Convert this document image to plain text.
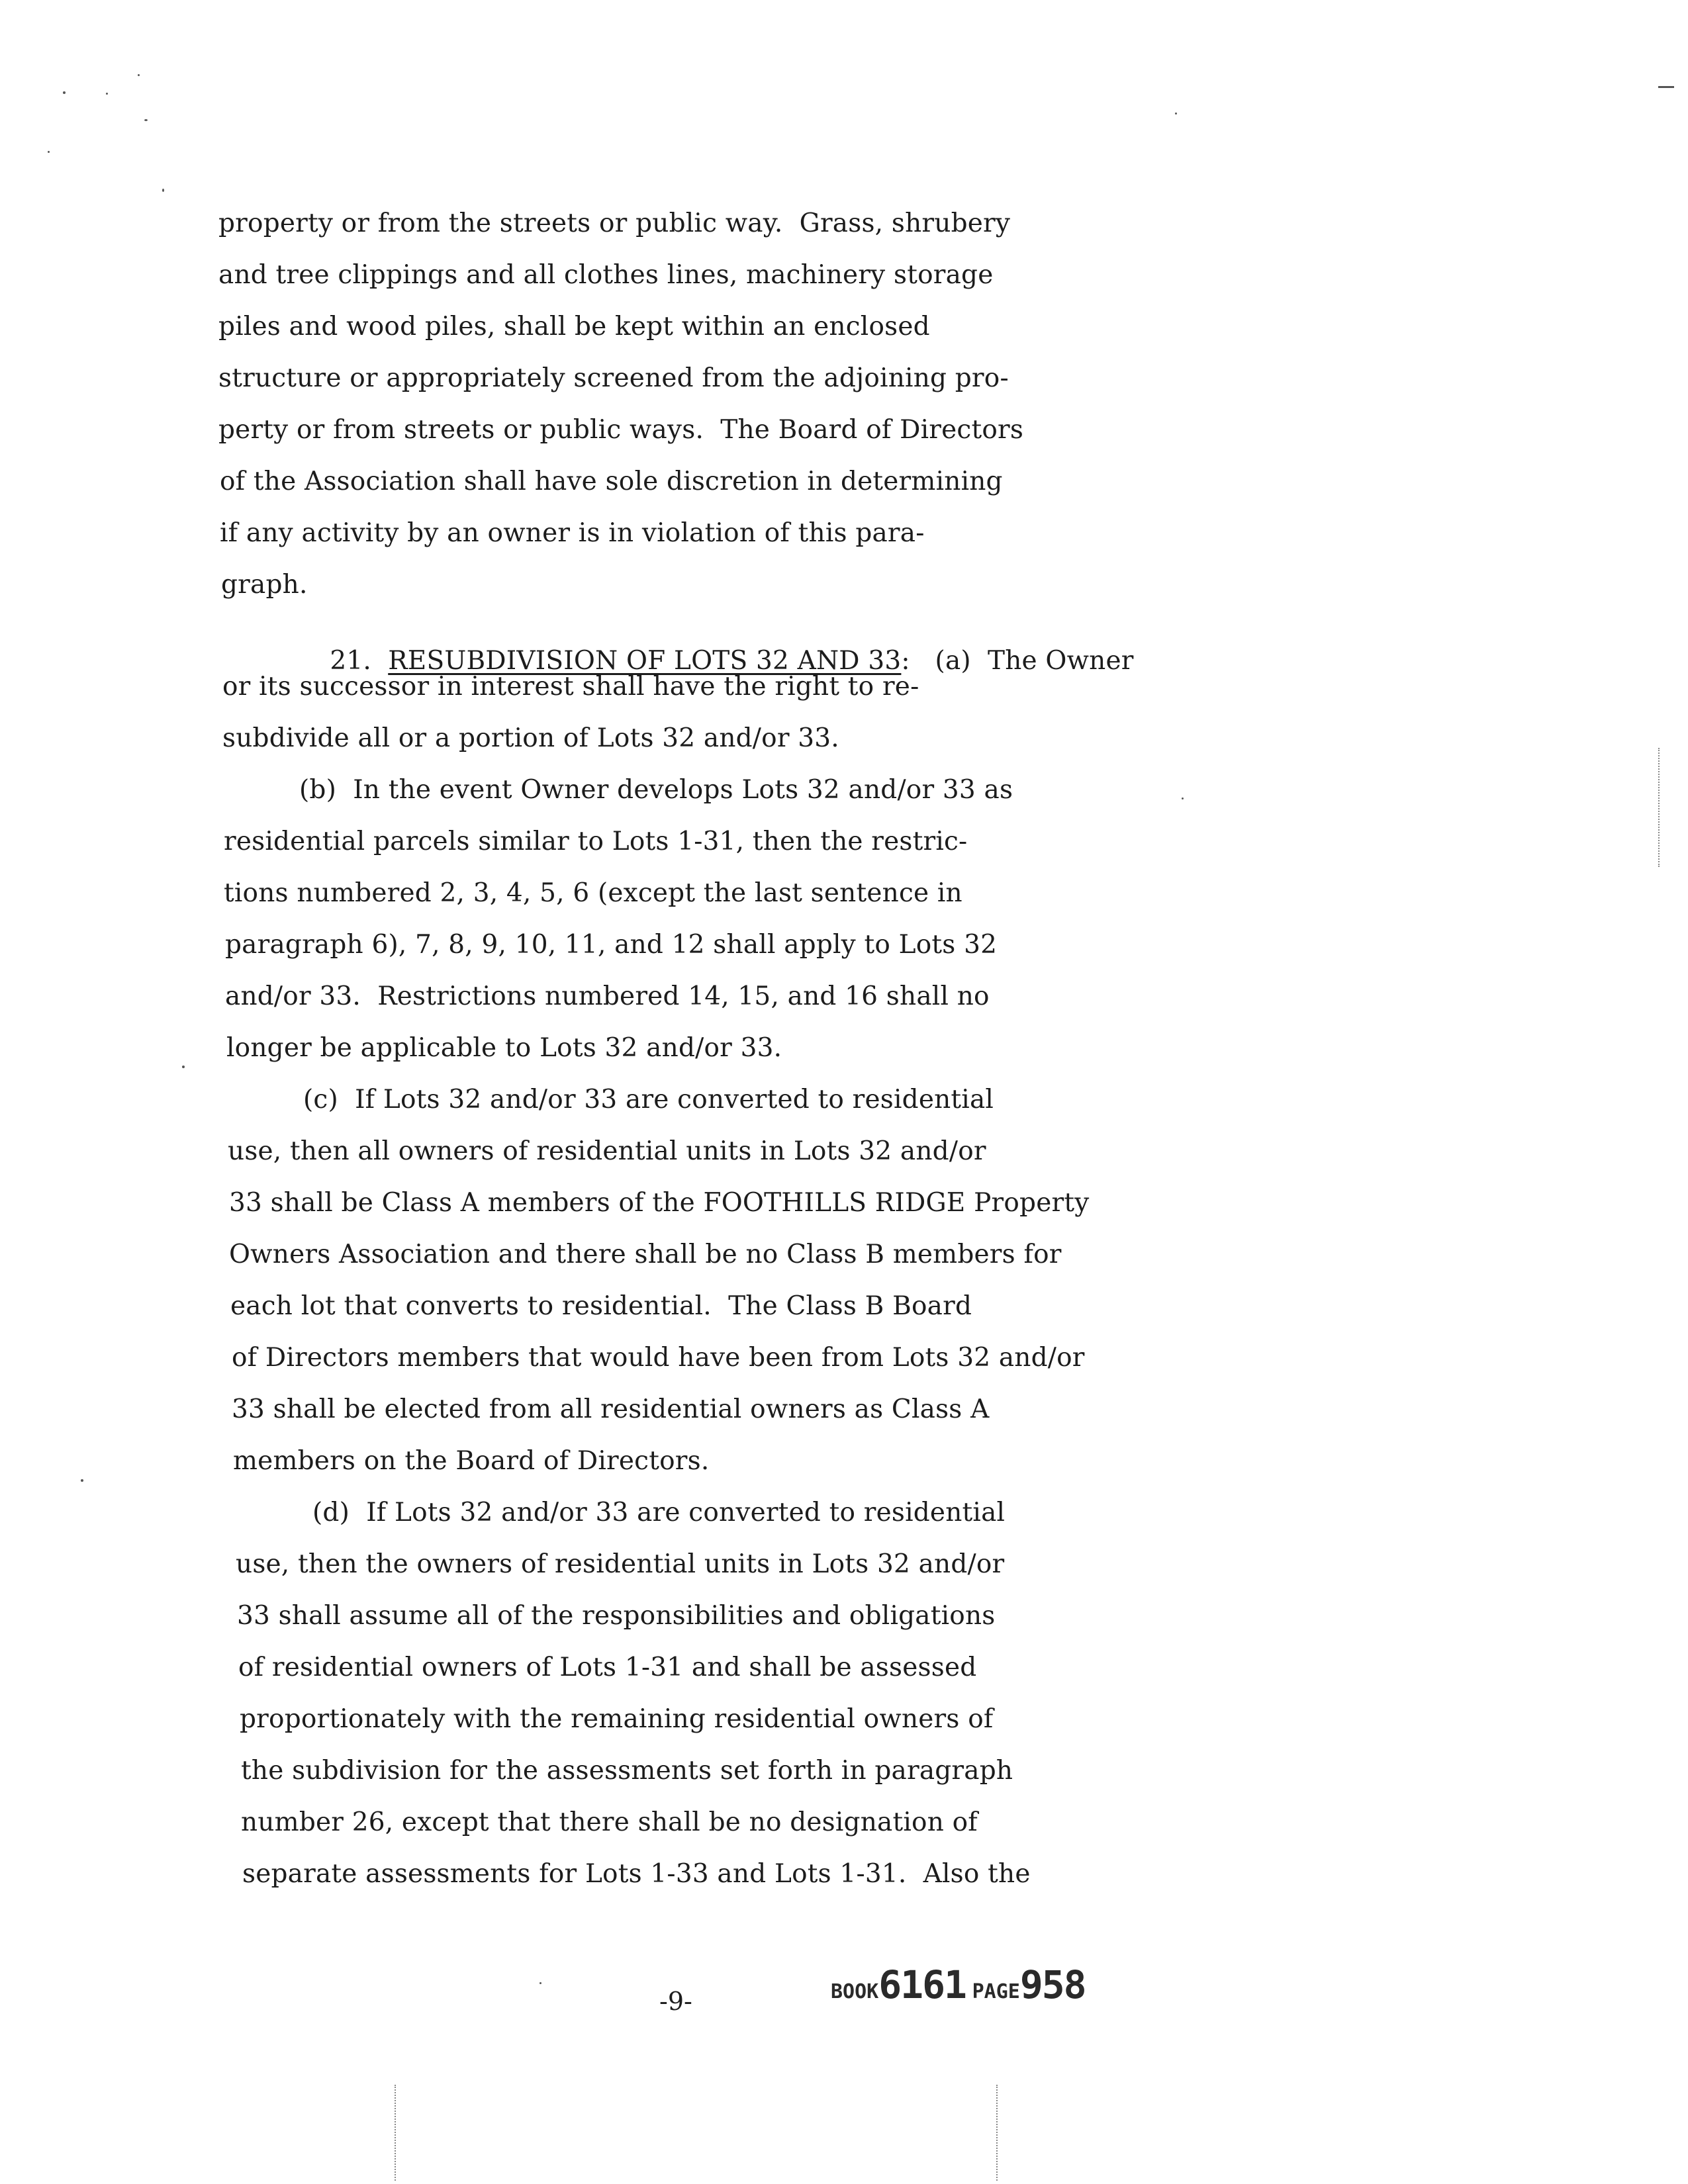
property or from the streets or public way.  Grass, shrubery
and tree clippings and all clothes lines, machinery storage
piles and wood piles, shall be kept within an enclosed
structure or appropriately screened from the adjoining pro-
perty or from streets or public ways.  The Board of Directors
of the Association shall have sole discretion in determining
if any activity by an owner is in violation of this para-
graph.

21.  RESUBDIVISION OF LOTS 32 AND 33:   (a)  The Owner

or its successor in interest shall have the right to re-
subdivide all or a portion of Lots 32 and/or 33.
(b)  In the event Owner develops Lots 32 and/or 33 as
residential parcels similar to Lots 1-31, then the restric-
tions numbered 2, 3, 4, 5, 6 (except the last sentence in
paragraph 6), 7, 8, 9, 10, 11, and 12 shall apply to Lots 32
and/or 33.  Restrictions numbered 14, 15, and 16 shall no
longer be applicable to Lots 32 and/or 33.
(c)  If Lots 32 and/or 33 are converted to residential
use, then all owners of residential units in Lots 32 and/or
33 shall be Class A members of the FOOTHILLS RIDGE Property
Owners Association and there shall be no Class B members for
each lot that converts to residential.  The Class B Board
of Directors members that would have been from Lots 32 and/or
33 shall be elected from all residential owners as Class A
members on the Board of Directors.
(d)  If Lots 32 and/or 33 are converted to residential
use, then the owners of residential units in Lots 32 and/or
33 shall assume all of the responsibilities and obligations
of residential owners of Lots 1-31 and shall be assessed
proportionately with the remaining residential owners of
the subdivision for the assessments set forth in paragraph
number 26, except that there shall be no designation of
separate assessments for Lots 1-33 and Lots 1-31.  Also the
-9-	BOOK6161 PAGE958
